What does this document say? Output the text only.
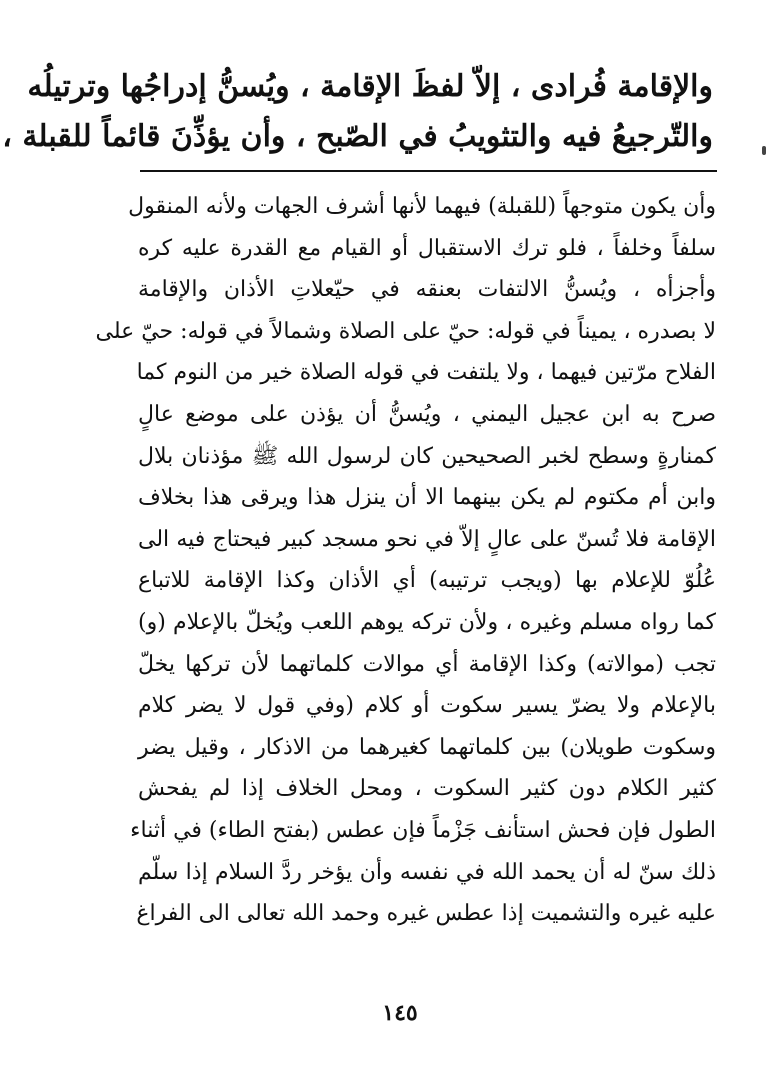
والإقامة فُرادى ، إلاّ لفظَ الإقامة ، ويُسنُّ إدراجُها وترتيلُه
والتّرجيعُ فيه والتثويبُ في الصّبح ، وأن يؤذِّنَ قائماً للقبلة ،
وأن يكون متوجهاً (للقبلة) فيهما لأنها أشرف الجهات ولأنه المنقول
سلفاً وخلفاً ، فلو ترك الاستقبال أو القيام مع القدرة عليه كره
وأجزأه ، ويُسنُّ الالتفات بعنقه في حيّعلاتِ الأذان والإقامة
لا بصدره ، يميناً في قوله: حيّ على الصلاة وشمالاً في قوله: حيّ على
الفلاح مرّتين فيهما ، ولا يلتفت في قوله الصلاة خير من النوم كما
صرح به ابن عجيل اليمني ، ويُسنُّ أن يؤذن على موضع عالٍ
كمنارةٍ وسطح لخبر الصحيحين كان لرسول الله ﷺ مؤذنان بلال
وابن أم مكتوم لم يكن بينهما الا أن ينزل هذا ويرقى هذا بخلاف
الإقامة فلا تُسنّ على عالٍ إلاّ في نحو مسجد كبير فيحتاج فيه الى
عُلُوّ للإعلام بها (ويجب ترتيبه) أي الأذان وكذا الإقامة للاتباع
كما رواه مسلم وغيره ، ولأن تركه يوهم اللعب ويُخلّ بالإعلام (و)
تجب (موالاته) وكذا الإقامة أي موالات كلماتهما لأن تركها يخلّ
بالإعلام ولا يضرّ يسير سكوت أو كلام (وفي قول لا يضر كلام
وسكوت طويلان) بين كلماتهما كغيرهما من الاذكار ، وقيل يضر
كثير الكلام دون كثير السكوت ، ومحل الخلاف إذا لم يفحش
الطول فإن فحش استأنف جَزْماً فإن عطس (بفتح الطاء) في أثناء
ذلك سنّ له أن يحمد الله في نفسه وأن يؤخر ردَّ السلام إذا سلّم
عليه غيره والتشميت إذا عطس غيره وحمد الله تعالى الى الفراغ
١٤٥
